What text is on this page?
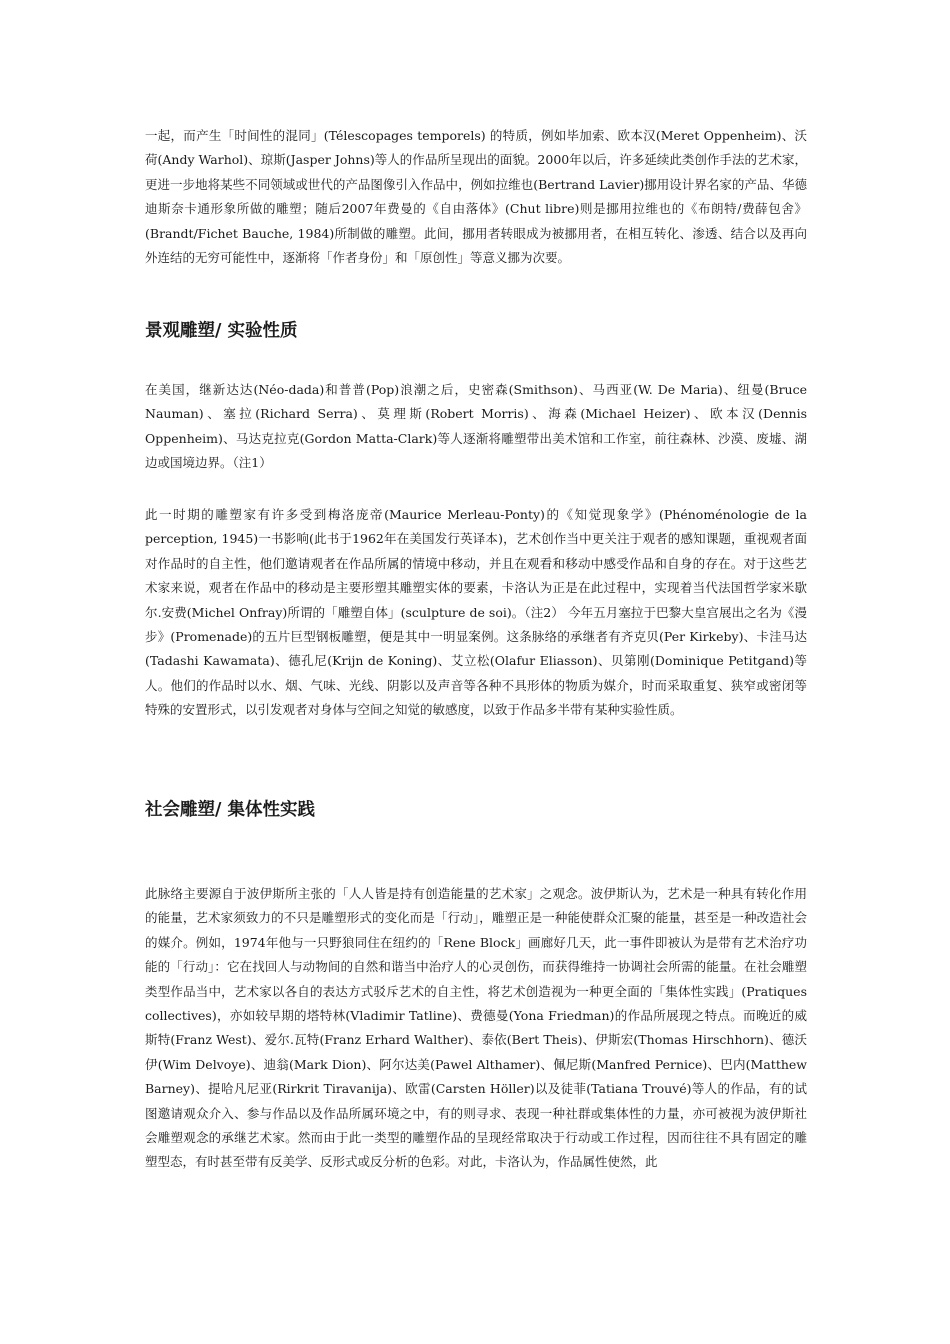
一起，而产生「时间性的混同」(Télescopages temporels) 的特质，例如毕加索、欧本汉(Meret Oppenheim)、沃荷(Andy Warhol)、琼斯(Jasper Johns)等人的作品所呈现出的面貌。2000年以后，许多延续此类创作手法的艺术家，更进一步地将某些不同领域或世代的产品图像引入作品中，例如拉维也(Bertrand Lavier)挪用设计界名家的产品、华德迪斯奈卡通形象所做的雕塑；随后2007年费曼的《自由落体》(Chut libre)则是挪用拉维也的《布朗特/费薛包舍》(Brandt/Fichet Bauche, 1984)所制做的雕塑。此间，挪用者转眼成为被挪用者，在相互转化、渗透、结合以及再向外连结的无穷可能性中，逐渐将「作者身份」和「原创性」等意义挪为次要。

景观雕塑/ 实验性质

在美国，继新达达(Néo-dada)和普普(Pop)浪潮之后，史密森(Smithson)、马西亚(W. De Maria)、纽曼(Bruce Nauman)、塞拉(Richard Serra)、莫理斯(Robert Morris)、海森(Michael Heizer)、欧本汉(Dennis Oppenheim)、马达克拉克(Gordon Matta-Clark)等人逐渐将雕塑带出美术馆和工作室，前往森林、沙漠、废墟、湖边或国境边界。（注1）

此一时期的雕塑家有许多受到梅洛庞帝(Maurice Merleau-Ponty)的《知觉现象学》(Phénoménologie de la perception, 1945)一书影响(此书于1962年在美国发行英译本)，艺术创作当中更关注于观者的感知课题，重视观者面对作品时的自主性，他们邀请观者在作品所属的情境中移动，并且在观看和移动中感受作品和自身的存在。对于这些艺术家来说，观者在作品中的移动是主要形塑其雕塑实体的要素，卡洛认为正是在此过程中，实现着当代法国哲学家米歇尔.安费(Michel Onfray)所谓的「雕塑自体」(sculpture de soi)。（注2） 今年五月塞拉于巴黎大皇宫展出之名为《漫步》(Promenade)的五片巨型钢板雕塑，便是其中一明显案例。这条脉络的承继者有齐克贝(Per Kirkeby)、卡洼马达(Tadashi Kawamata)、德孔尼(Krijn de Koning)、艾立松(Olafur Eliasson)、贝第刚(Dominique Petitgand)等人。他们的作品时以水、烟、气味、光线、阴影以及声音等各种不具形体的物质为媒介，时而采取重复、狭窄或密闭等特殊的安置形式，以引发观者对身体与空间之知觉的敏感度，以致于作品多半带有某种实验性质。

社会雕塑/ 集体性实践

此脉络主要源自于波伊斯所主张的「人人皆是持有创造能量的艺术家」之观念。波伊斯认为，艺术是一种具有转化作用的能量，艺术家须致力的不只是雕塑形式的变化而是「行动」，雕塑正是一种能使群众汇聚的能量，甚至是一种改造社会的媒介。例如，1974年他与一只野狼同住在纽约的「Rene Block」画廊好几天，此一事件即被认为是带有艺术治疗功能的「行动」：它在找回人与动物间的自然和谐当中治疗人的心灵创伤，而获得维持一协调社会所需的能量。在社会雕塑类型作品当中，艺术家以各自的表达方式驳斥艺术的自主性，将艺术创造视为一种更全面的「集体性实践」(Pratiques collectives)，亦如较早期的塔特林(Vladimir Tatline)、费德曼(Yona Friedman)的作品所展现之特点。而晚近的威斯特(Franz West)、爱尔.瓦特(Franz Erhard Walther)、泰依(Bert Theis)、伊斯宏(Thomas Hirschhorn)、德沃伊(Wim Delvoye)、迪翁(Mark Dion)、阿尔达美(Pawel Althamer)、佩尼斯(Manfred Pernice)、巴内(Matthew Barney)、提哈凡尼亚(Rirkrit Tiravanija)、欧雷(Carsten Höller)以及徒菲(Tatiana Trouvé)等人的作品，有的试图邀请观众介入、参与作品以及作品所属环境之中，有的则寻求、表现一种社群或集体性的力量，亦可被视为波伊斯社会雕塑观念的承继艺术家。然而由于此一类型的雕塑作品的呈现经常取决于行动或工作过程，因而往往不具有固定的雕塑型态，有时甚至带有反美学、反形式或反分析的色彩。对此，卡洛认为，作品属性使然，此
